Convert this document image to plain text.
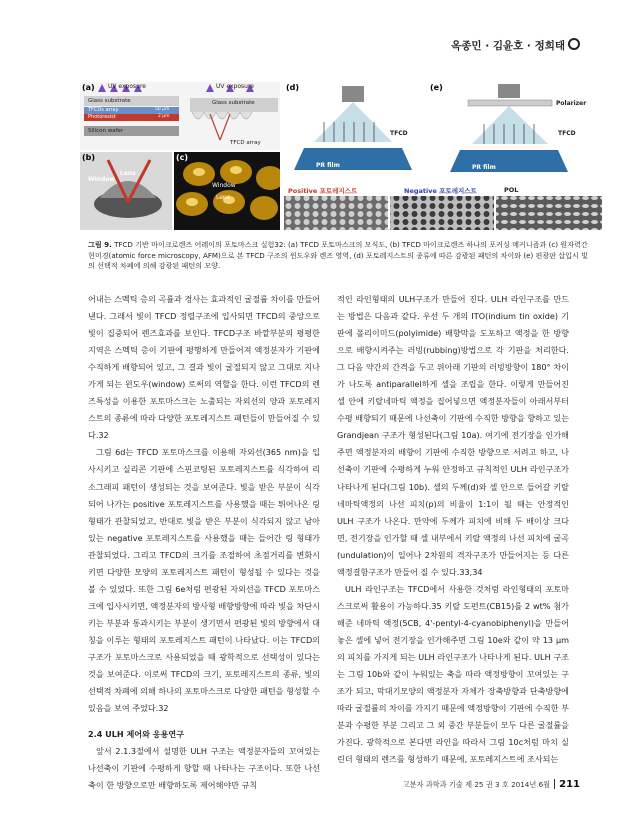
옥종민 · 김윤호 · 정희태
(a) UV exposure
Glass substrate
TFCDs array
Photoresist
50 µm
2 µm
Silicon wafer
UV exposure
Glass substrate
TFCD array
(b)
Window
Lens
(c)
Window
Lens
(d)
TFCD
PR film
(e)
Polarizer
TFCD
PR film
Positive 포토레지스트	Negative 포토레지스트	POL
그림 9. TFCD 기반 마이크로렌즈 어레이의 포토마스크 실험32: (a) TFCD 포토마스크의 모식도, (b) TFCD 마이크로렌즈 하나의 포커싱 메커니즘과 (c) 원자력간현미경(atomic force microscopy, AFM)으로 본 TFCD 구조의 윈도우와 렌즈 영역, (d) 포토레지스트의 종류에 따른 감광된 패턴의 차이와 (e) 편광판 삽입시 빛의 선택적 차폐에 의해 감광된 패턴의 모양.

어내는 스멕틱 층의 곡률과 경사는 효과적인 굴절률 차이를 만들어 낸다. 그래서 빛이 TFCD 정렬구조에 입사되면 TFCD의 중앙으로 빛이 집중되어 렌즈효과를 보인다. TFCD구조 바깥부분의 평평한 지역은 스멕틱 층이 기판에 평행하게 만들어져 액정분자가 기판에 수직하게 배향되어 있고, 그 결과 빛이 굴절되지 않고 그대로 지나가게 되는 윈도우(window) 로써의 역할을 한다. 이런 TFCD의 렌즈특성을 이용한 포토마스크는 노출되는 자외선의 양과 포토레지스트의 종류에 따라 다양한 포토레지스트 패턴들이 만들어질 수 있다.32

그림 6d는 TFCD 포토마스크를 이용해 자외선(365 nm)을 입사시키고 실리콘 기판에 스핀코팅된 포토레지스트를 식각하여 리소그래피 패턴이 생성되는 것을 보여준다. 빛을 받은 부분이 식각되어 나가는 positive 포토레지스트를 사용했을 때는 튀어나온 링 형태가 관찰되었고, 반대로 빛을 받은 부분이 식각되지 않고 남아있는 negative 포토레지스트를 사용했을 때는 들어간 링 형태가 관찰되었다. 그리고 TFCD의 크기를 조절하여 초점거리를 변화시키면 다양한 모양의 포토레지스트 패턴이 형성될 수 있다는 것을 볼 수 있었다. 또한 그림 6e처럼 편광된 자외선을 TFCD 포토마스크에 입사시키면, 액정분자의 방사형 배향방향에 따라 빛을 차단시키는 부분과 통과시키는 부분이 생기면서 편광된 빛의 방향에서 대칭을 이루는 형태의 포토레지스트 패턴이 나타났다. 이는 TFCD의 구조가 포토마스크로 사용되었을 때 광학적으로 선택성이 있다는 것을 보여준다. 이로써 TFCD의 크기, 포토레지스트의 종류, 빛의 선택적 차폐에 의해 하나의 포토마스크로 다양한 패턴을 형성할 수 있음을 보여 주었다.32

2.4 ULH 제어와 응용연구

앞서 2.1.3절에서 설명한 ULH 구조는 액정분자들의 꼬여있는 나선축이 기판에 수평하게 향할 때 나타나는 구조이다. 또한 나선축이 한 방향으로만 배향하도록 제어해야만 규칙

적인 라인형태의 ULH구조가 만들어 진다. ULH 라인구조를 만드는 방법은 다음과 같다. 우선 두 개의 ITO(indium tin oxide) 기판에 폴리이미드(polyimide) 배향막을 도포하고 액정을 한 방향으로 배향시켜주는 러빙(rubbing)방법으로 각 기판을 처리한다. 그 다음 약간의 간격을 두고 위아래 기판의 러빙방향이 180° 차이가 나도록 antiparallel하게 셀을 조립을 한다. 이렇게 만들어진 셀 안에 키랄네마틱 액정을 집어넣으면 액정분자들이 아래서부터 수평 배향되기 때문에 나선축이 기판에 수직한 방향을 향하고 있는 Grandjean 구조가 형성된다(그림 10a). 여기에 전기장을 인가해주면 액정분자의 배향이 기판에 수직한 방향으로 서려고 하고, 나선축이 기판에 수평하게 누워 안정하고 규칙적인 ULH 라인구조가 나타나게 된다(그림 10b). 셀의 두께(d)와 셀 안으로 들어갈 키랄네마틱액정의 나선 피치(p)의 비율이 1:1이 될 때는 안정적인 ULH 구조가 나온다. 만약에 두께가 피치에 비해 두 배이상 크다면, 전기장을 인가할 때 셀 내부에서 키랄 액정의 나선 피치에 굴곡(undulation)이 일어나 2차원의 격자구조가 만들어지는 등 다른 액정결함구조가 만들어 질 수 있다.33,34

ULH 라인구조는 TFCD에서 사용한 것처럼 라인형태의 포토마스크로써 활용이 가능하다.35 키랄 도펀트(CB15)를 2 wt% 첨가해준 네마틱 액정(5CB, 4'-pentyl-4-cyanobiphenyl)을 만들어놓은 셀에 넣어 전기장을 인가해주면 그림 10e와 같이 약 13 µm의 피치를 가지게 되는 ULH 라인구조가 나타나게 된다. ULH 구조는 그림 10b와 같이 누워있는 축을 따라 액정방향이 꼬여있는 구조가 되고, 막대기모양의 액정분자 자체가 장축방향과 단축방향에 따라 굴절률의 차이를 가지기 때문에 액정방향이 기판에 수직한 부분과 수평한 부분 그리고 그 외 중간 부분들이 모두 다른 굴절률을 가진다. 광학적으로 본다면 라인을 따라서 그림 10c처럼 마치 실린더 형태의 렌즈를 형성하기 때문에, 포토레지스트에 조사되는

고분자 과학과 기술 제 25 권 3 호 2014년 6월 211
